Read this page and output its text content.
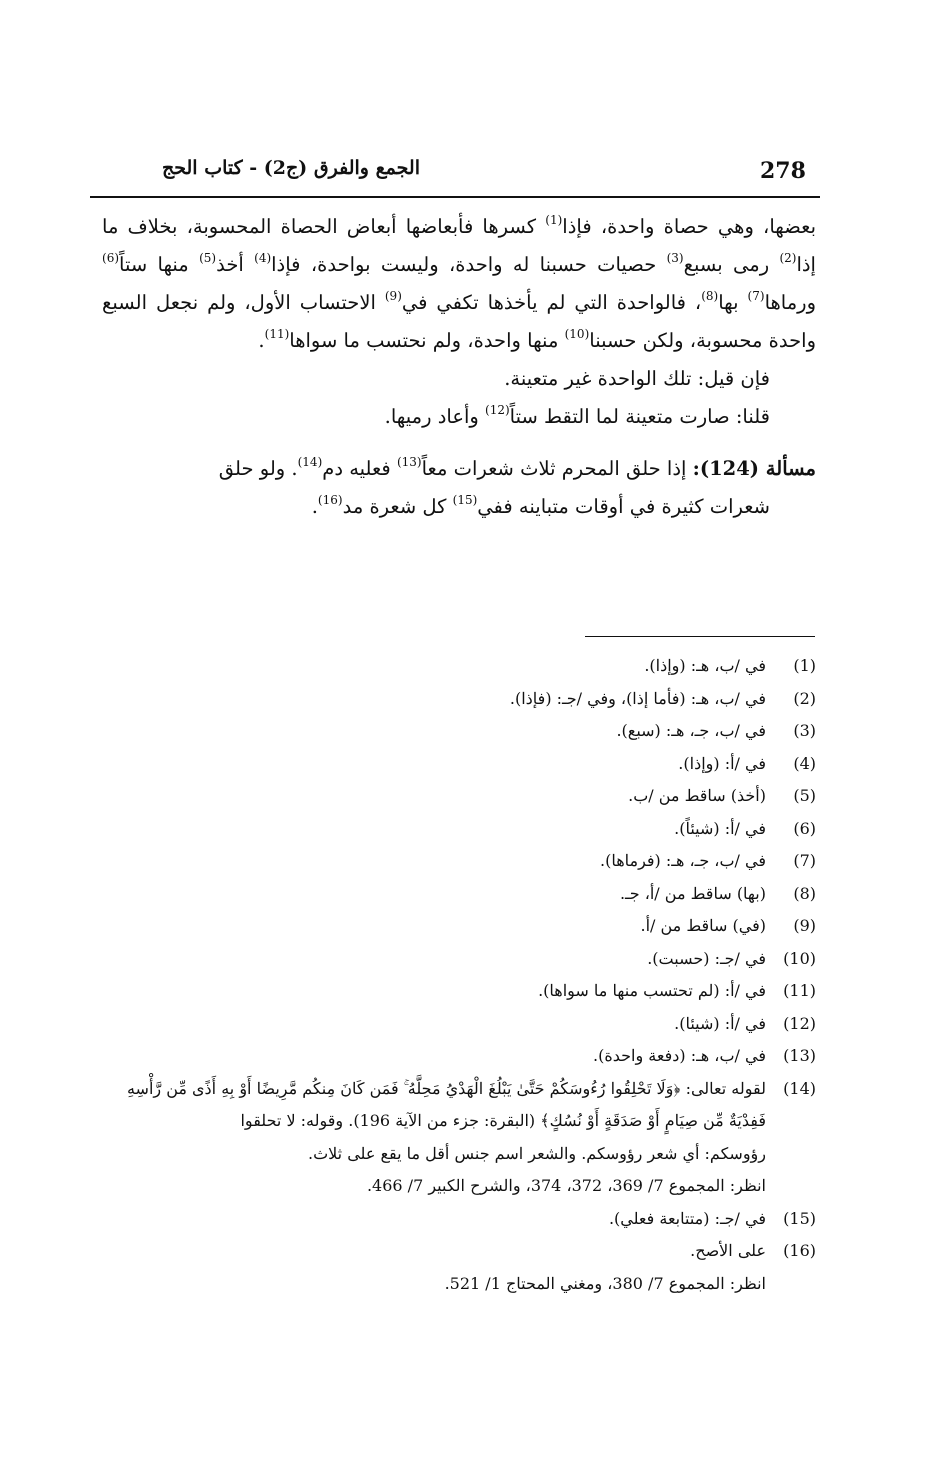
278
الجمع والفرق (ج2) - كتاب الحج

بعضها، وهي حصاة واحدة، فإذا$^{(1)}$ كسرها فأبعاضها أبعاض الحصاة المحسوبة، بخلاف ما إذا$^{(2)}$ رمى بسبع$^{(3)}$ حصيات حسبنا له واحدة، وليست بواحدة، فإذا$^{(4)}$ أخذ$^{(5)}$ منها ستاً$^{(6)}$ ورماها$^{(7)}$ بها$^{(8)}$، فالواحدة التي لم يأخذها تكفي في$^{(9)}$ الاحتساب الأول، ولم نجعل السبع واحدة محسوبة، ولكن حسبنا$^{(10)}$ منها واحدة، ولم نحتسب ما سواها$^{(11)}$.

فإن قيل: تلك الواحدة غير متعينة.

قلنا: صارت متعينة لما التقط ستاً$^{(12)}$ وأعاد رميها.

مسألة (124): إذا حلق المحرم ثلاث شعرات معاً$^{(13)}$ فعليه دم$^{(14)}$. ولو حلق

شعرات كثيرة في أوقات متباينه ففي$^{(15)}$ كل شعرة مد$^{(16)}$.

(1)
في /ب، هـ: (وإذا).
(2)
في /ب، هـ: (فأما إذا)، وفي /جـ: (فإذا).
(3)
في /ب، جـ، هـ: (سبع).
(4)
في /أ: (وإذا).
(5)
(أخذ) ساقط من /ب.
(6)
في /أ: (شيئاً).
(7)
في /ب، جـ، هـ: (فرماها).
(8)
(بها) ساقط من /أ، جـ.
(9)
(في) ساقط من /أ.
(10)
في /جـ: (حسبت).
(11)
في /أ: (لم تحتسب منها ما سواها).
(12)
في /أ: (شيئا).
(13)
في /ب، هـ: (دفعة واحدة).
(14)
لقوله تعالى: ﴿وَلَا تَحْلِقُوا رُءُوسَكُمْ حَتَّىٰ يَبْلُغَ الْهَدْيُ مَحِلَّهُ ۚ فَمَن كَانَ مِنكُم مَّرِيضًا أَوْ بِهِ أَذًى مِّن رَّأْسِهِ
فَفِدْيَةٌ مِّن صِيَامٍ أَوْ صَدَقَةٍ أَوْ نُسُكٍ﴾ (البقرة: جزء من الآية 196). وقوله: لا تحلقوا
رؤوسكم: أي شعر رؤوسكم. والشعر اسم جنس أقل ما يقع على ثلاث.
انظر: المجموع 7/ 369، 372، 374، والشرح الكبير 7/ 466.
(15)
في /جـ: (متتابعة فعلي).
(16)
على الأصح.
انظر: المجموع 7/ 380، ومغني المحتاج 1/ 521.
